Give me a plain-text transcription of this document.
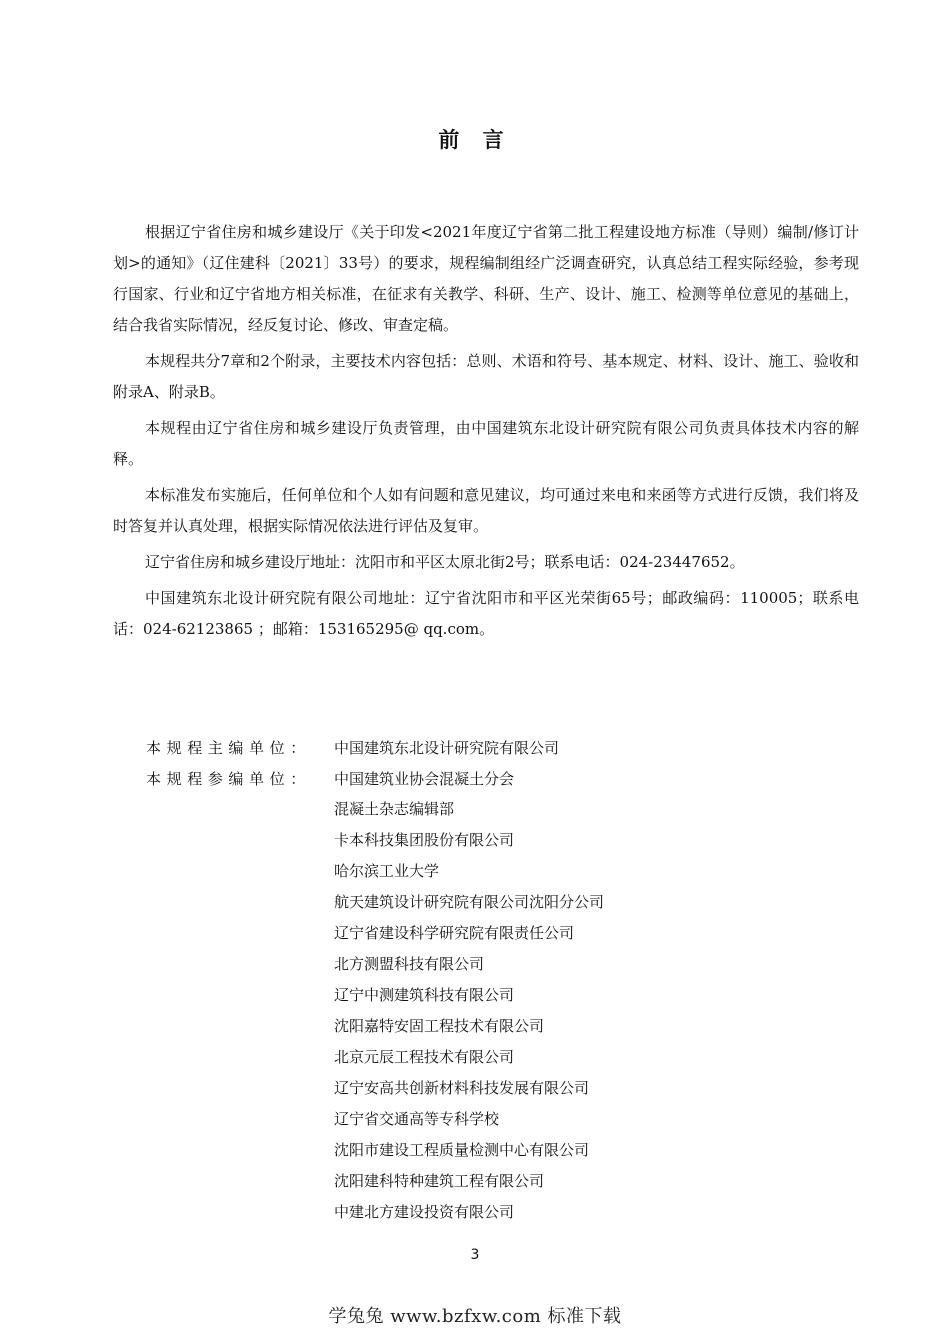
前 言

根据辽宁省住房和城乡建设厅《关于印发<2021年度辽宁省第二批工程建设地方标准（导则）编制/修订计划>的通知》（辽住建科〔2021〕33号）的要求，规程编制组经广泛调查研究，认真总结工程实际经验，参考现行国家、行业和辽宁省地方相关标准，在征求有关教学、科研、生产、设计、施工、检测等单位意见的基础上，结合我省实际情况，经反复讨论、修改、审查定稿。

本规程共分7章和2个附录，主要技术内容包括：总则、术语和符号、基本规定、材料、设计、施工、验收和附录A、附录B。

本规程由辽宁省住房和城乡建设厅负责管理，由中国建筑东北设计研究院有限公司负责具体技术内容的解释。

本标准发布实施后，任何单位和个人如有问题和意见建议，均可通过来电和来函等方式进行反馈，我们将及时答复并认真处理，根据实际情况依法进行评估及复审。

辽宁省住房和城乡建设厅地址：沈阳市和平区太原北街2号；联系电话：024-23447652。

中国建筑东北设计研究院有限公司地址：辽宁省沈阳市和平区光荣街65号；邮政编码：110005；联系电话：024-62123865 ；邮箱：153165295@ qq.com。

本规程主编单位：	中国建筑东北设计研究院有限公司
本规程参编单位：	中国建筑业协会混凝土分会
混凝土杂志编辑部
卡本科技集团股份有限公司
哈尔滨工业大学
航天建筑设计研究院有限公司沈阳分公司
辽宁省建设科学研究院有限责任公司
北方测盟科技有限公司
辽宁中测建筑科技有限公司
沈阳嘉特安固工程技术有限公司
北京元辰工程技术有限公司
辽宁安高共创新材料科技发展有限公司
辽宁省交通高等专科学校
沈阳市建设工程质量检测中心有限公司
沈阳建科特种建筑工程有限公司
中建北方建设投资有限公司
3
学兔兔 www.bzfxw.com 标准下载
